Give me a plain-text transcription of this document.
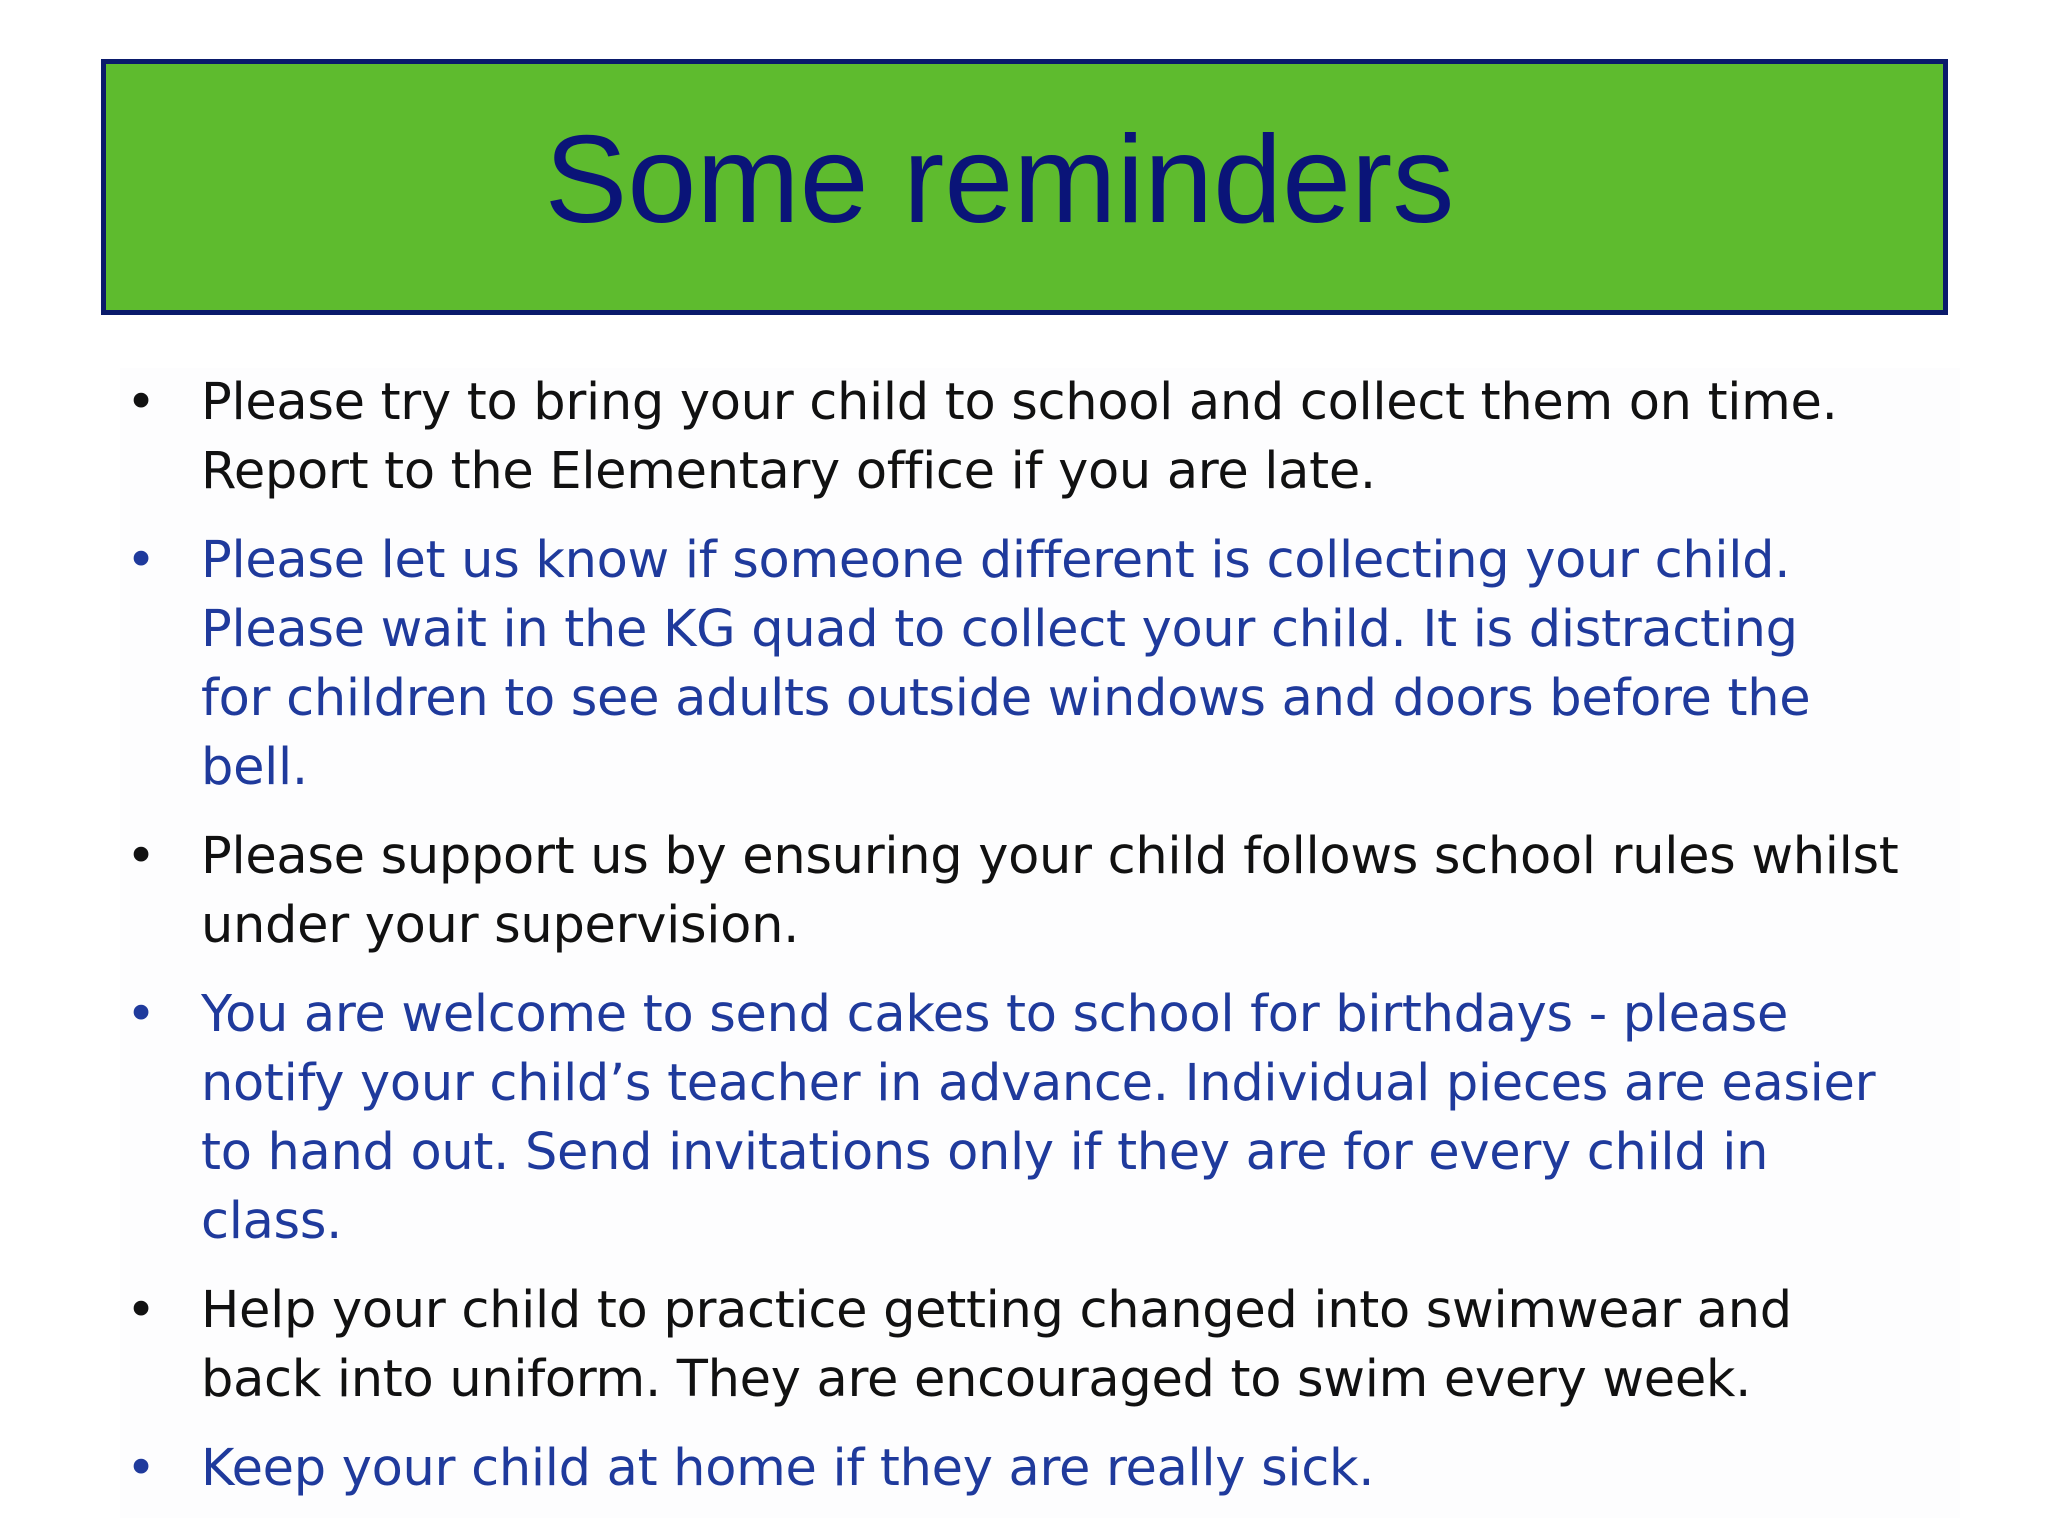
Some reminders
• Please try to bring your child to school and collect them on time.
Report to the Elementary office if you are late.
• Please let us know if someone different is collecting your child.
Please wait in the KG quad to collect your child. It is distracting
for children to see adults outside windows and doors before the
bell.
• Please support us by ensuring your child follows school rules whilst
under your supervision.
• You are welcome to send cakes to school for birthdays - please
notify your child’s teacher in advance. Individual pieces are easier
to hand out. Send invitations only if they are for every child in
class.
• Help your child to practice getting changed into swimwear and
back into uniform. They are encouraged to swim every week.
• Keep your child at home if they are really sick.
